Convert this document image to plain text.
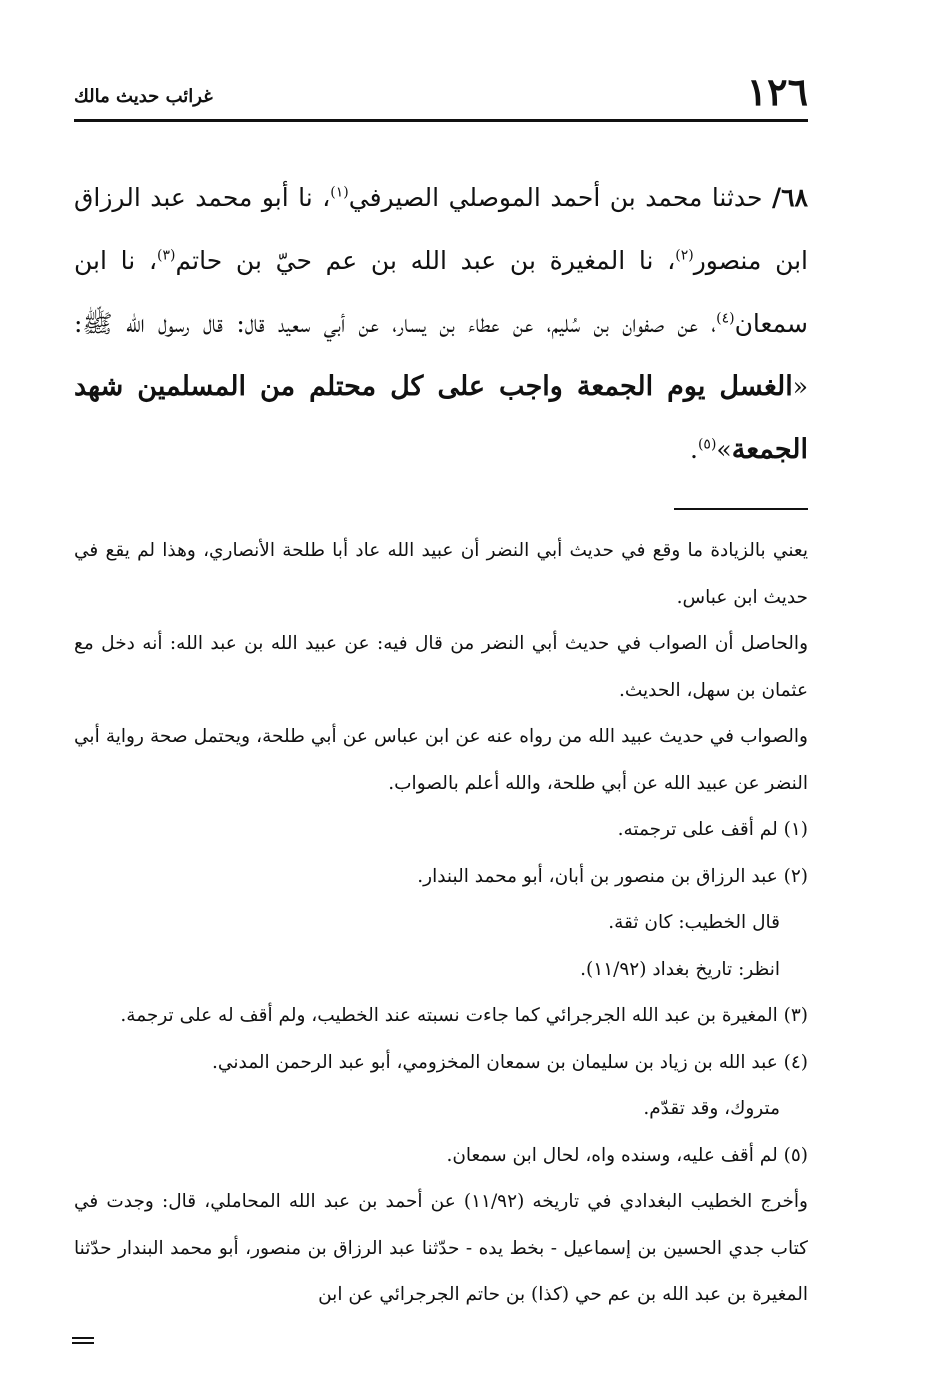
١٢٦
غرائب حديث مالك
٦٨/ حدثنا محمد بن أحمد الموصلي الصيرفي$^{(١)}$، نا أبو محمد عبد الرزاق ابن منصور$^{(٢)}$، نا المغيرة بن عبد الله بن عم حيّ بن حاتم$^{(٣)}$، نا ابن سمعان$^{(٤)}$، عن صفوان بن سُليم، عن عطاء بن يسار، عن أبي سعيد قال: قال رسول الله ﷺ: «الغسل يوم الجمعة واجب على كل محتلم من المسلمين شهد الجمعة»$^{(٥)}$.

يعني بالزيادة ما وقع في حديث أبي النضر أن عبيد الله عاد أبا طلحة الأنصاري، وهذا لم يقع في حديث ابن عباس.

والحاصل أن الصواب في حديث أبي النضر من قال فيه: عن عبيد الله بن عبد الله: أنه دخل مع عثمان بن سهل، الحديث.

والصواب في حديث عبيد الله من رواه عنه عن ابن عباس عن أبي طلحة، ويحتمل صحة رواية أبي النضر عن عبيد الله عن أبي طلحة، والله أعلم بالصواب.

(١) لم أقف على ترجمته.

(٢) عبد الرزاق بن منصور بن أبان، أبو محمد البندار.

قال الخطيب: كان ثقة.

انظر: تاريخ بغداد (١١/٩٢).

(٣) المغيرة بن عبد الله الجرجرائي كما جاءت نسبته عند الخطيب، ولم أقف له على ترجمة.

(٤) عبد الله بن زياد بن سليمان بن سمعان المخزومي، أبو عبد الرحمن المدني.

متروك، وقد تقدّم.

(٥) لم أقف عليه، وسنده واه، لحال ابن سمعان.

وأخرج الخطيب البغدادي في تاريخه (١١/٩٢) عن أحمد بن عبد الله المحاملي، قال: وجدت في كتاب جدي الحسين بن إسماعيل - بخط يده - حدّثنا عبد الرزاق بن منصور، أبو محمد البندار حدّثنا المغيرة بن عبد الله بن عم حي (كذا) بن حاتم الجرجرائي عن ابن
